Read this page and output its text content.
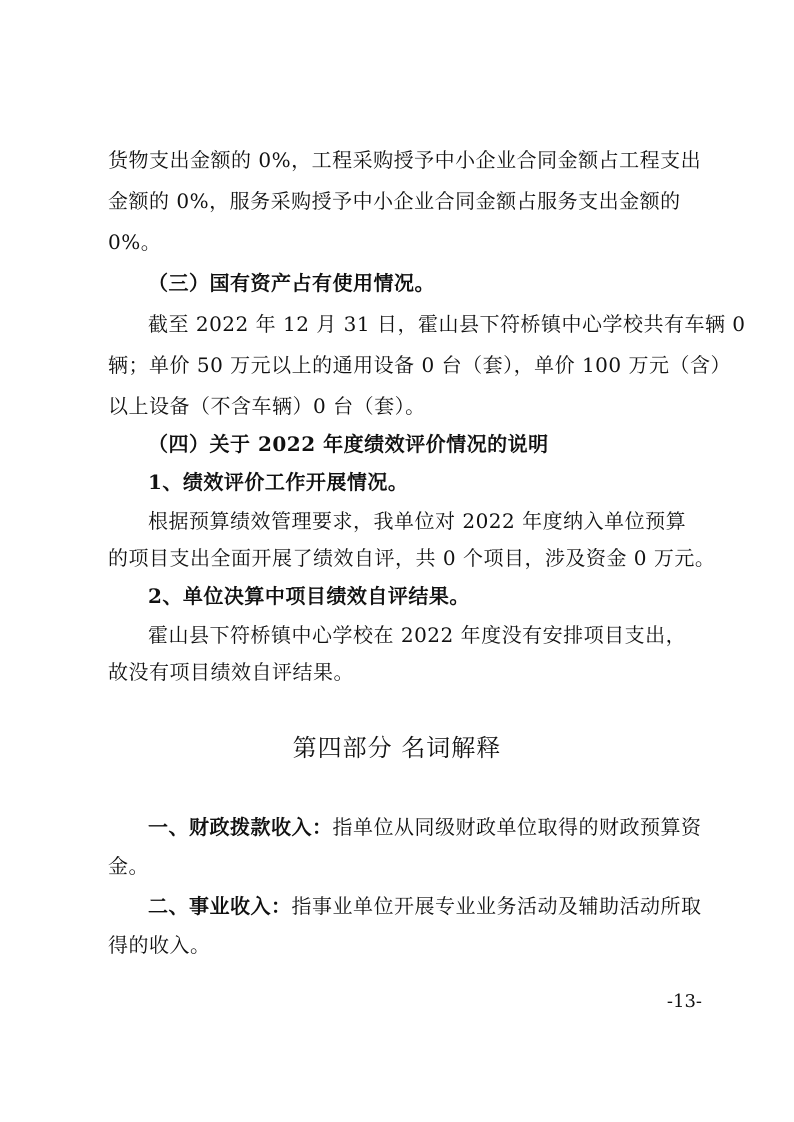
货物支出金额的 0%，工程采购授予中小企业合同金额占工程支出
金额的 0%，服务采购授予中小企业合同金额占服务支出金额的
0%。
（三）国有资产占有使用情况。
截至 2022 年 12 月 31 日，霍山县下符桥镇中心学校共有车辆 0
辆；单价 50 万元以上的通用设备 0 台（套），单价 100 万元（含）
以上设备（不含车辆）0 台（套）。
（四）关于 2022 年度绩效评价情况的说明
1、绩效评价工作开展情况。
根据预算绩效管理要求，我单位对 2022 年度纳入单位预算
的项目支出全面开展了绩效自评，共 0 个项目，涉及资金 0 万元。
2、单位决算中项目绩效自评结果。
霍山县下符桥镇中心学校在 2022 年度没有安排项目支出，
故没有项目绩效自评结果。
第四部分 名词解释
一、财政拨款收入：指单位从同级财政单位取得的财政预算资
金。
二、事业收入：指事业单位开展专业业务活动及辅助活动所取
得的收入。
-13-
